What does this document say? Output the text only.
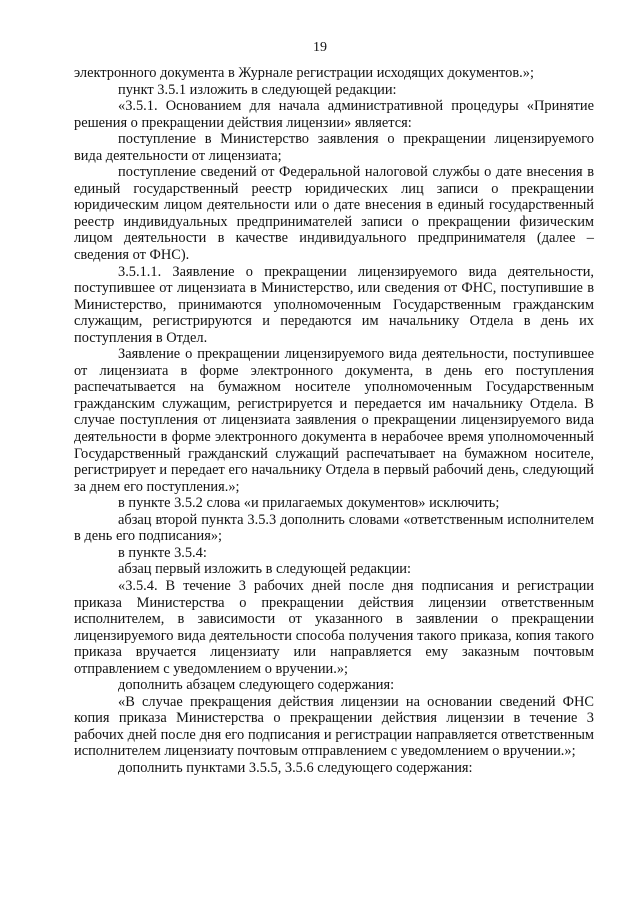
19

электронного документа в Журнале регистрации исходящих документов.»;

пункт 3.5.1 изложить в следующей редакции:

«3.5.1. Основанием для начала административной процедуры «Принятие решения о прекращении действия лицензии» является:

поступление в Министерство заявления о прекращении лицензируемого вида деятельности от лицензиата;

поступление сведений от Федеральной налоговой службы о дате внесения в единый государственный реестр юридических лиц записи о прекращении юридическим лицом деятельности или о дате внесения в единый государственный реестр индивидуальных предпринимателей записи о прекращении физическим лицом деятельности в качестве индивидуального предпринимателя (далее – сведения от ФНС).

3.5.1.1. Заявление о прекращении лицензируемого вида деятельности, поступившее от лицензиата в Министерство, или сведения от ФНС, поступившие в Министерство, принимаются уполномоченным Государственным гражданским служащим, регистрируются и передаются им начальнику Отдела в день их поступления в Отдел.

Заявление о прекращении лицензируемого вида деятельности, поступившее от лицензиата в форме электронного документа, в день его поступления распечатывается на бумажном носителе уполномоченным Государственным гражданским служащим, регистрируется и передается им начальнику Отдела. В случае поступления от лицензиата заявления о прекращении лицензируемого вида деятельности в форме электронного документа в нерабочее время уполномоченный Государственный гражданский служащий распечатывает на бумажном носителе, регистрирует и передает его начальнику Отдела в первый рабочий день, следующий за днем его поступления.»;

в пункте 3.5.2 слова «и прилагаемых документов» исключить;

абзац второй пункта 3.5.3 дополнить словами «ответственным исполнителем в день его подписания»;

в пункте 3.5.4:

абзац первый изложить в следующей редакции:

«3.5.4. В течение 3 рабочих дней после дня подписания и регистрации приказа Министерства о прекращении действия лицензии ответственным исполнителем, в зависимости от указанного в заявлении о прекращении лицензируемого вида деятельности способа получения такого приказа, копия такого приказа вручается лицензиату или направляется ему заказным почтовым отправлением с уведомлением о вручении.»;

дополнить абзацем следующего содержания:

«В случае прекращения действия лицензии на основании сведений ФНС копия приказа Министерства о прекращении действия лицензии в течение 3 рабочих дней после дня его подписания и регистрации направляется ответственным исполнителем лицензиату почтовым отправлением с уведомлением о вручении.»;

дополнить пунктами 3.5.5, 3.5.6 следующего содержания:
